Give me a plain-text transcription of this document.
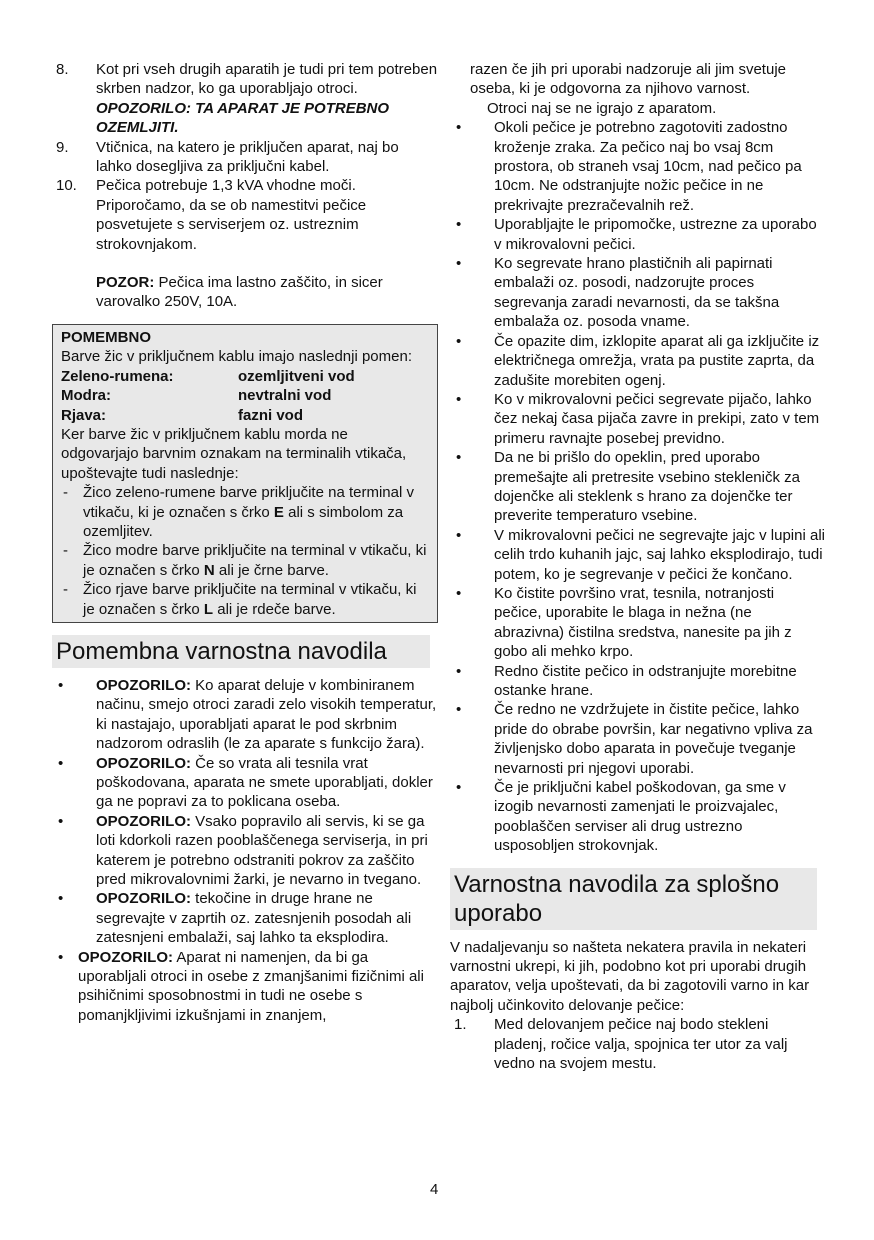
8. Kot pri vseh drugih aparatih je tudi pri tem potreben skrben nadzor, ko ga uporabljajo otroci.

OPOZORILO: TA APARAT JE POTREBNO OZEMLJITI.

9. Vtičnica, na katero je priključen aparat, naj bo lahko dosegljiva za priključni kabel.

10. Pečica potrebuje 1,3 kVA vhodne moči. Priporočamo, da se ob namestitvi pečice posvetujete s serviserjem oz. ustreznim strokovnjakom.

POZOR: Pečica ima lastno zaščito, in sicer varovalko 250V, 10A.

POMEMBNO
Barve žic v priključnem kablu imajo naslednji pomen:
Zeleno-rumena:	ozemljitveni vod
Modra:	nevtralni vod
Rjava:	fazni vod
Ker barve žic v priključnem kablu morda ne odgovarjajo barvnim oznakam na terminalih vtikača, upoštevajte tudi naslednje:
- Žico zeleno-rumene barve priključite na terminal v vtikaču, ki je označen s črko E ali s simbolom za ozemljitev.
- Žico modre barve priključite na terminal v vtikaču, ki je označen s črko N ali je črne barve.
- Žico rjave barve priključite na terminal v vtikaču, ki je označen s črko L ali je rdeče barve.
Pomembna varnostna navodila
• OPOZORILO: Ko aparat deluje v kombiniranem načinu, smejo otroci zaradi zelo visokih temperatur, ki nastajajo, uporabljati aparat le pod skrbnim nadzorom odraslih (le za aparate s funkcijo žara).
• OPOZORILO: Če so vrata ali tesnila vrat poškodovana, aparata ne smete uporabljati, dokler ga ne popravi za to poklicana oseba.
• OPOZORILO: Vsako popravilo ali servis, ki se ga loti kdorkoli razen pooblaščenega serviserja, in pri katerem je potrebno odstraniti pokrov za zaščito pred mikrovalovnimi žarki, je nevarno in tvegano.
• OPOZORILO: tekočine in druge hrane ne segrevajte v zaprtih oz. zatesnjenih posodah ali zatesnjeni embalaži, saj lahko ta eksplodira.
• OPOZORILO: Aparat ni namenjen, da bi ga uporabljali otroci in osebe z zmanjšanimi fizičnimi ali psihičnimi sposobnostmi in tudi ne osebe s pomanjkljivimi izkušnjami in znanjem,
razen če jih pri uporabi nadzoruje ali jim svetuje oseba, ki je odgovorna za njihovo varnost.
Otroci naj se ne igrajo z aparatom.
• Okoli pečice je potrebno zagotoviti zadostno kroženje zraka. Za pečico naj bo vsaj 8cm prostora, ob straneh vsaj 10cm, nad pečico pa 10cm. Ne odstranjujte nožic pečice in ne prekrivajte prezračevalnih rež.
• Uporabljajte le pripomočke, ustrezne za uporabo v mikrovalovni pečici.
• Ko segrevate hrano plastičnih ali papirnati embalaži oz. posodi, nadzorujte proces segrevanja zaradi nevarnosti, da se takšna embalaža oz. posoda vname.
• Če opazite dim, izklopite aparat ali ga izključite iz električnega omrežja, vrata pa pustite zaprta, da zadušite morebiten ogenj.
• Ko v mikrovalovni pečici segrevate pijačo, lahko čez nekaj časa pijača zavre in prekipi, zato v tem primeru ravnajte posebej previdno.
• Da ne bi prišlo do opeklin, pred uporabo premešajte ali pretresite vsebino stekleničk za dojenčke ali steklenk s hrano za dojenčke ter preverite temperaturo vsebine.
• V mikrovalovni pečici ne segrevajte jajc v lupini ali celih trdo kuhanih jajc, saj lahko eksplodirajo, tudi potem, ko je segrevanje v pečici že končano.
• Ko čistite površino vrat, tesnila, notranjosti pečice, uporabite le blaga in nežna (ne abrazivna) čistilna sredstva, nanesite pa jih z gobo ali mehko krpo.
• Redno čistite pečico in odstranjujte morebitne ostanke hrane.
• Če redno ne vzdržujete in čistite pečice, lahko pride do obrabe površin, kar negativno vpliva za življenjsko dobo aparata in povečuje tveganje nevarnosti pri njegovi uporabi.
• Če je priključni kabel poškodovan, ga sme v izogib nevarnosti zamenjati le proizvajalec, pooblaščen serviser ali drug ustrezno usposobljen strokovnjak.
Varnostna navodila za splošno uporabo
V nadaljevanju so našteta nekatera pravila in nekateri varnostni ukrepi, ki jih, podobno kot pri uporabi drugih aparatov, velja upoštevati, da bi zagotovili varno in kar najbolj učinkovito delovanje pečice:
1. Med delovanjem pečice naj bodo stekleni pladenj, ročice valja, spojnica ter utor za valj vedno na svojem mestu.

4
